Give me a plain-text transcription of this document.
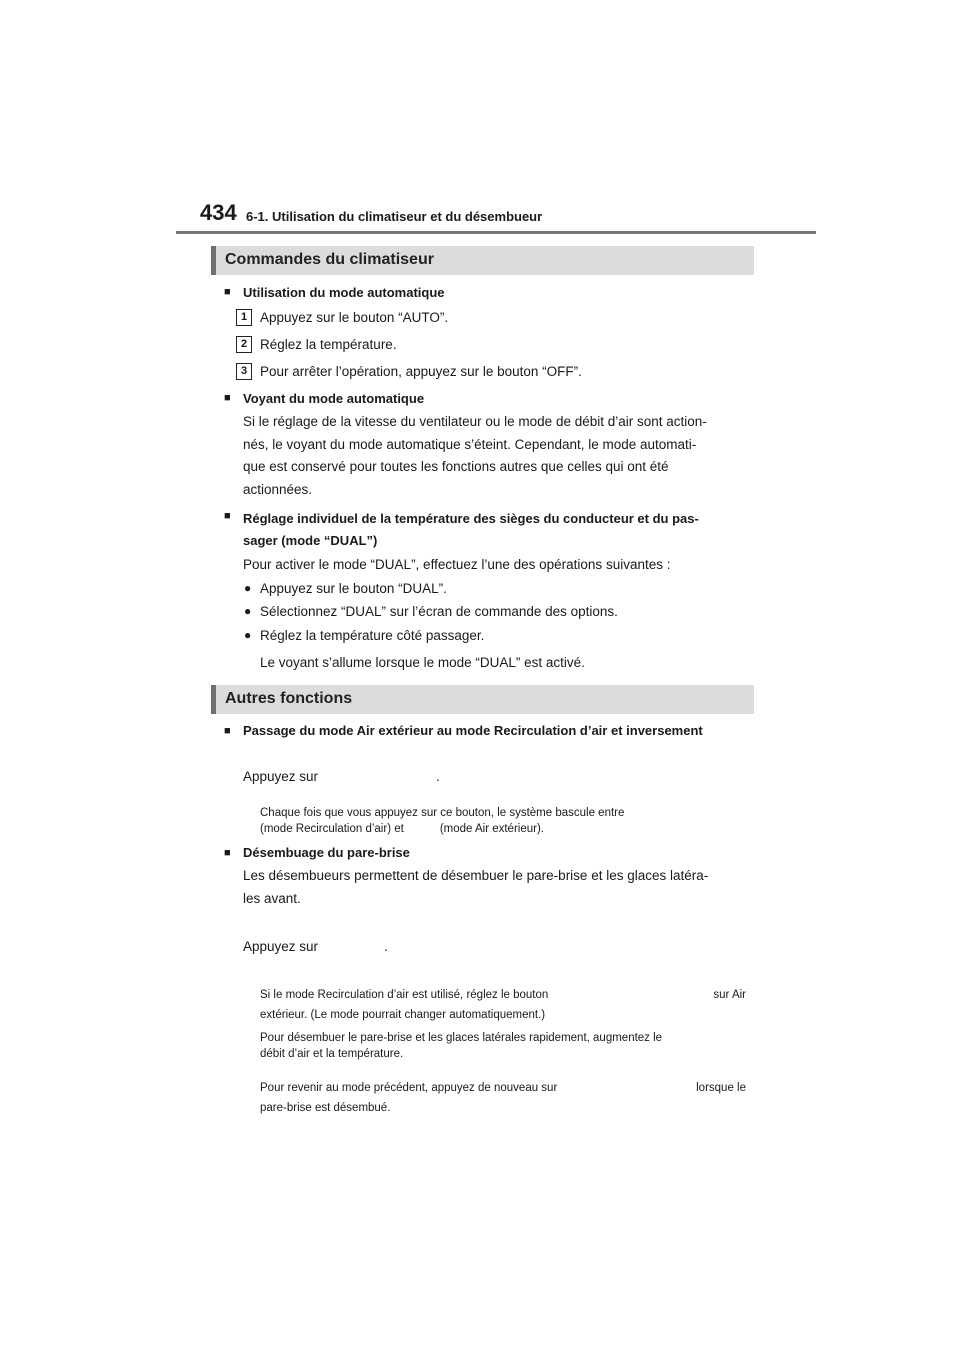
434 6-1. Utilisation du climatiseur et du désembueur
Commandes du climatiseur
■ Utilisation du mode automatique
1 Appuyez sur le bouton “AUTO”.
2 Réglez la température.
3 Pour arrêter l’opération, appuyez sur le bouton “OFF”.
■ Voyant du mode automatique
Si le réglage de la vitesse du ventilateur ou le mode de débit d’air sont action-
nés, le voyant du mode automatique s’éteint. Cependant, le mode automati-
que est conservé pour toutes les fonctions autres que celles qui ont été
actionnées.
■ Réglage individuel de la température des sièges du conducteur et du pas-
sager (mode “DUAL”)
Pour activer le mode “DUAL”, effectuez l’une des opérations suivantes :
● Appuyez sur le bouton “DUAL”.
● Sélectionnez “DUAL” sur l’écran de commande des options.
● Réglez la température côté passager.
Le voyant s’allume lorsque le mode “DUAL” est activé.
Autres fonctions
■ Passage du mode Air extérieur au mode Recirculation d’air et inversement
Appuyez sur	.
Chaque fois que vous appuyez sur ce bouton, le système bascule entre
(mode Recirculation d’air) et	(mode Air extérieur).
■ Désembuage du pare-brise
Les désembueurs permettent de désembuer le pare-brise et les glaces latéra-
les avant.
Appuyez sur	.
Si le mode Recirculation d’air est utilisé, réglez le bouton	sur Air
extérieur. (Le mode pourrait changer automatiquement.)
Pour désembuer le pare-brise et les glaces latérales rapidement, augmentez le
débit d’air et la température.
Pour revenir au mode précédent, appuyez de nouveau sur	lorsque le
pare-brise est désembué.
